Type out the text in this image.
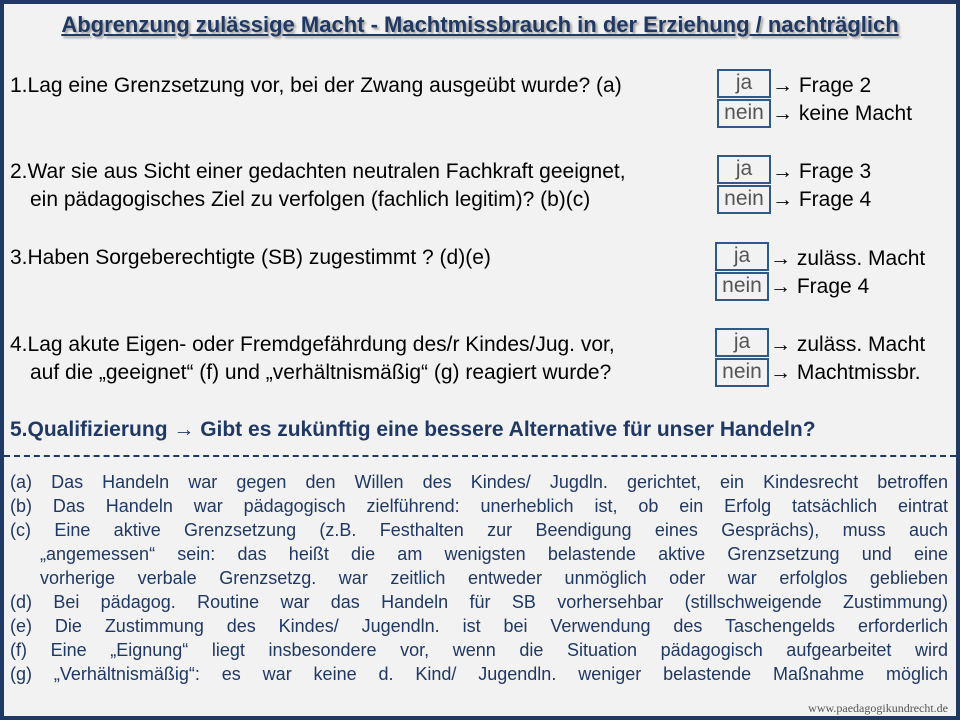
Abgrenzung zulässige Macht - Machtmissbrauch in der Erziehung / nachträglich
1.Lag eine Grenzsetzung vor, bei der Zwang ausgeübt wurde? (a)	ja → Frage 2
nein → keine Macht
2.War sie aus Sicht einer gedachten neutralen Fachkraft geeignet,
ein pädagogisches Ziel zu verfolgen (fachlich legitim)? (b)(c)
ja → Frage 3
nein → Frage 4
3.Haben Sorgeberechtigte (SB) zugestimmt ? (d)(e)	ja → zuläss. Macht
nein → Frage 4
4.Lag akute Eigen- oder Fremdgefährdung des/r Kindes/Jug. vor,
auf die „geeignet“ (f) und „verhältnismäßig“ (g) reagiert wurde?
ja → zuläss. Macht
nein → Machtmissbr.
5.Qualifizierung → Gibt es zukünftig eine bessere Alternative für unser Handeln?
(a) Das Handeln war gegen den Willen des Kindes/ Jugdln. gerichtet, ein Kindesrecht betroffen
(b) Das Handeln war pädagogisch zielführend: unerheblich ist, ob ein Erfolg tatsächlich eintrat
(c) Eine aktive Grenzsetzung (z.B. Festhalten zur Beendigung eines Gesprächs), muss auch
„angemessen“ sein: das heißt die am wenigsten belastende aktive Grenzsetzung und eine
vorherige verbale Grenzsetzg. war zeitlich entweder unmöglich oder war erfolglos geblieben
(d) Bei pädagog. Routine war das Handeln für SB vorhersehbar (stillschweigende Zustimmung)
(e) Die Zustimmung des Kindes/ Jugendln. ist bei Verwendung des Taschengelds erforderlich
(f) Eine „Eignung“ liegt insbesondere vor, wenn die Situation pädagogisch aufgearbeitet wird
(g) „Verhältnismäßig“: es war keine d. Kind/ Jugendln. weniger belastende Maßnahme möglich
www.paedagogikundrecht.de
